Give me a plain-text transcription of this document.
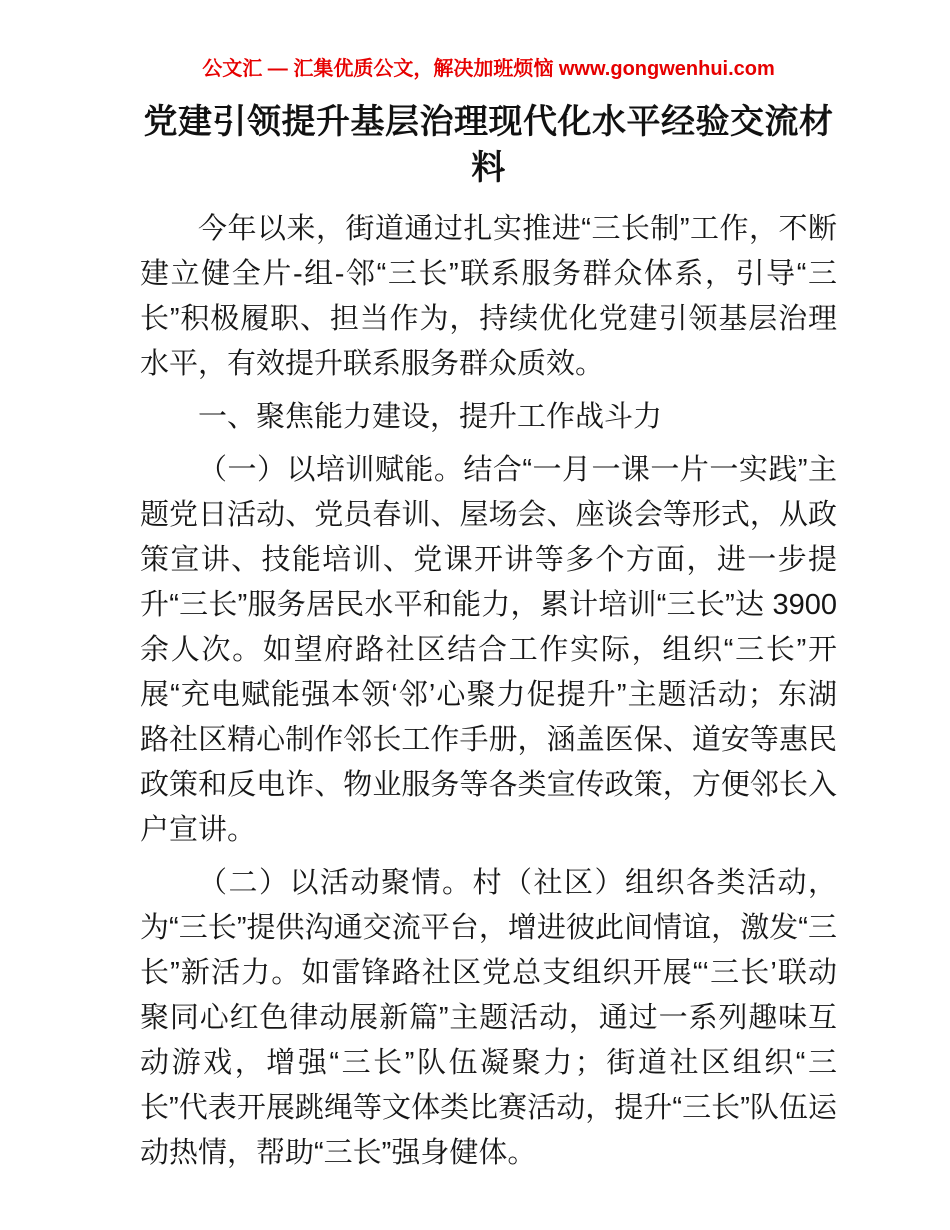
公文汇 — 汇集优质公文，解决加班烦恼 www.gongwenhui.com
党建引领提升基层治理现代化水平经验交流材料

今年以来，街道通过扎实推进“三长制”工作，不断建立健全片-组-邻“三长”联系服务群众体系，引导“三长”积极履职、担当作为，持续优化党建引领基层治理水平，有效提升联系服务群众质效。

一、聚焦能力建设，提升工作战斗力

（一）以培训赋能。结合“一月一课一片一实践”主题党日活动、党员春训、屋场会、座谈会等形式，从政策宣讲、技能培训、党课开讲等多个方面，进一步提升“三长”服务居民水平和能力，累计培训“三长”达 3900 余人次。如望府路社区结合工作实际，组织“三长”开展“充电赋能强本领‘邻’心聚力促提升”主题活动；东湖路社区精心制作邻长工作手册，涵盖医保、道安等惠民政策和反电诈、物业服务等各类宣传政策，方便邻长入户宣讲。

（二）以活动聚情。村（社区）组织各类活动，为“三长”提供沟通交流平台，增进彼此间情谊，激发“三长”新活力。如雷锋路社区党总支组织开展“‘三长’联动聚同心红色律动展新篇”主题活动，通过一系列趣味互动游戏，增强“三长”队伍凝聚力；街道社区组织“三长”代表开展跳绳等文体类比赛活动，提升“三长”队伍运动热情，帮助“三长”强身健体。
